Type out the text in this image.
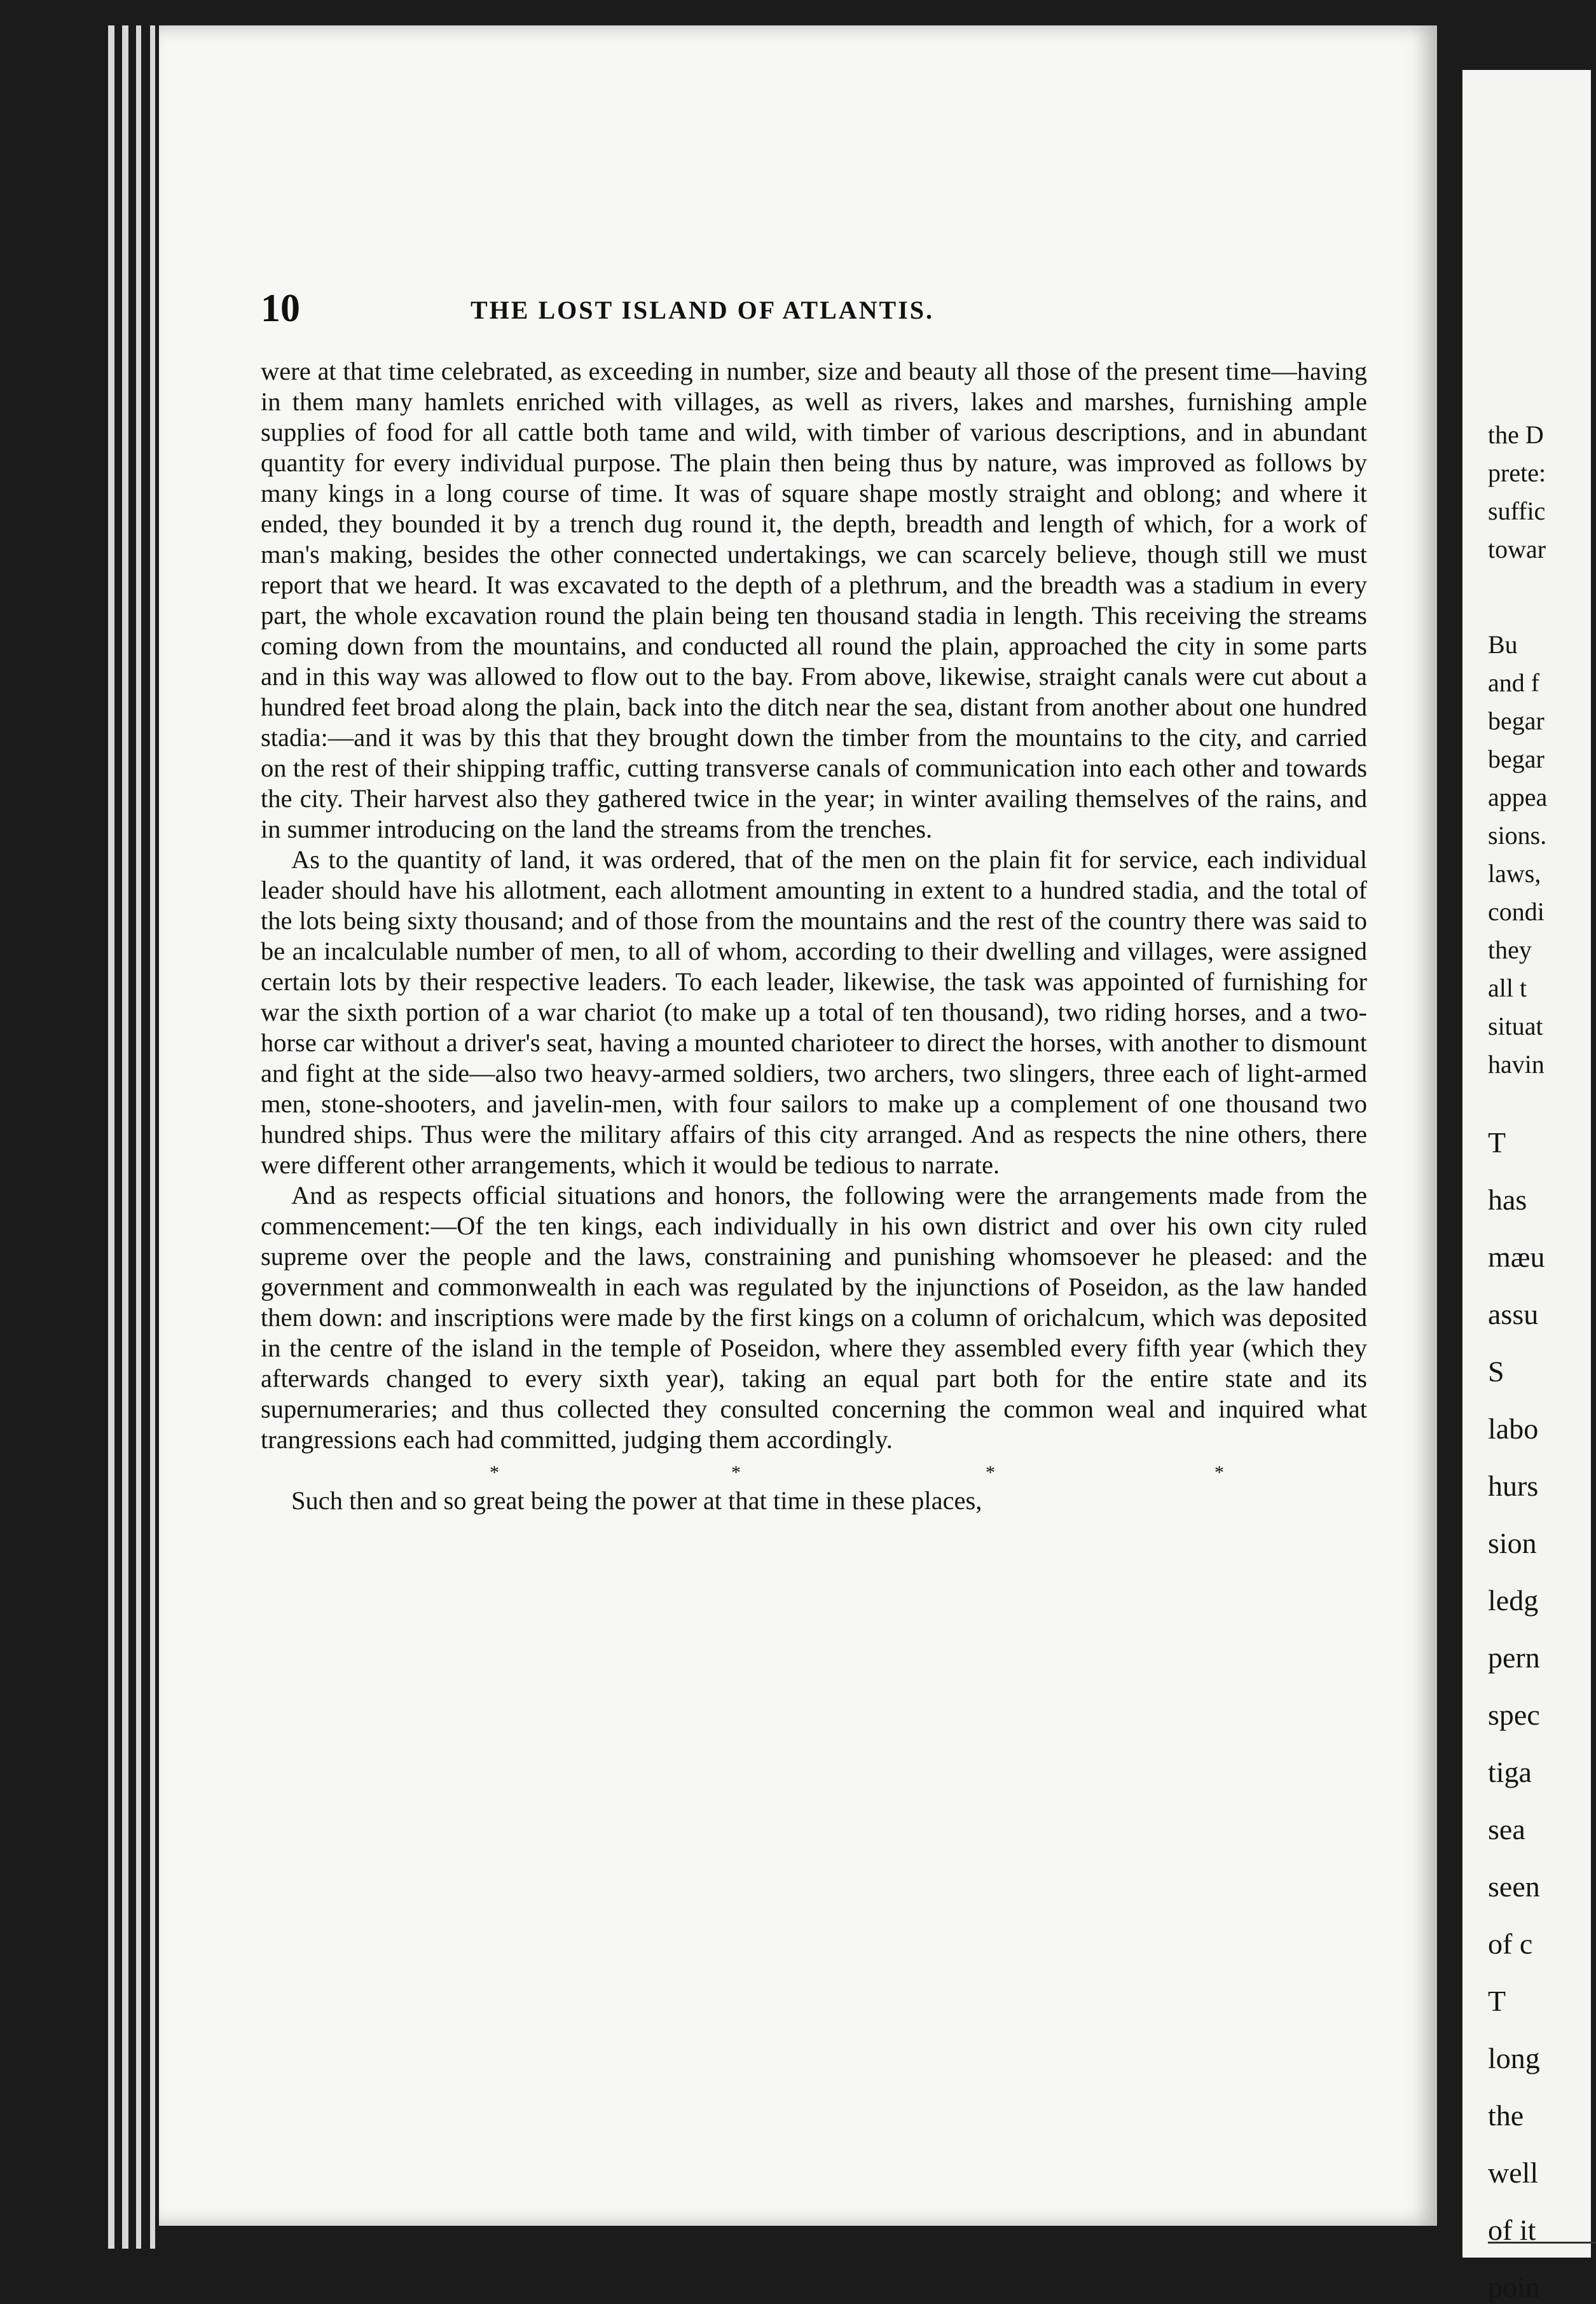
10	THE LOST ISLAND OF ATLANTIS.

were at that time celebrated, as exceeding in number, size and beauty all those of the present time—having in them many hamlets enriched with villages, as well as rivers, lakes and marshes, furnishing ample supplies of food for all cattle both tame and wild, with timber of various descriptions, and in abundant quantity for every individual purpose. The plain then being thus by nature, was improved as follows by many kings in a long course of time. It was of square shape mostly straight and oblong; and where it ended, they bounded it by a trench dug round it, the depth, breadth and length of which, for a work of man's making, besides the other connected undertakings, we can scarcely believe, though still we must report that we heard. It was excavated to the depth of a plethrum, and the breadth was a stadium in every part, the whole excavation round the plain being ten thousand stadia in length. This receiving the streams coming down from the mountains, and conducted all round the plain, approached the city in some parts and in this way was allowed to flow out to the bay. From above, likewise, straight canals were cut about a hundred feet broad along the plain, back into the ditch near the sea, distant from another about one hundred stadia:—and it was by this that they brought down the timber from the mountains to the city, and carried on the rest of their shipping traffic, cutting transverse canals of communication into each other and towards the city. Their harvest also they gathered twice in the year; in winter availing themselves of the rains, and in summer introducing on the land the streams from the trenches.

As to the quantity of land, it was ordered, that of the men on the plain fit for service, each individual leader should have his allotment, each allotment amounting in extent to a hundred stadia, and the total of the lots being sixty thousand; and of those from the mountains and the rest of the country there was said to be an incalculable number of men, to all of whom, according to their dwelling and villages, were assigned certain lots by their respective leaders. To each leader, likewise, the task was appointed of furnishing for war the sixth portion of a war chariot (to make up a total of ten thousand), two riding horses, and a two-horse car without a driver's seat, having a mounted charioteer to direct the horses, with another to dismount and fight at the side—also two heavy-armed soldiers, two archers, two slingers, three each of light-armed men, stone-shooters, and javelin-men, with four sailors to make up a complement of one thousand two hundred ships. Thus were the military affairs of this city arranged. And as respects the nine others, there were different other arrangements, which it would be tedious to narrate.

And as respects official situations and honors, the following were the arrangements made from the commencement:—Of the ten kings, each individually in his own district and over his own city ruled supreme over the people and the laws, constraining and punishing whomsoever he pleased: and the government and commonwealth in each was regulated by the injunctions of Poseidon, as the law handed them down: and inscriptions were made by the first kings on a column of orichalcum, which was deposited in the centre of the island in the temple of Poseidon, where they assembled every fifth year (which they afterwards changed to every sixth year), taking an equal part both for the entire state and its supernumeraries; and thus collected they consulted concerning the common weal and inquired what trangressions each had committed, judging them accordingly.

*	*	*	*

Such then and so great being the power at that time in these places,

the D
prete:
suffic
towar
Bu
and f
begar
begar
appea
sions.
laws,
condi
they
all t
situat
havin
T
has
mæu
assu
S
labo
hurs
sion
ledg
pern
spec
tiga
sea
seen
of c
T
long
the
well
of it
poin
